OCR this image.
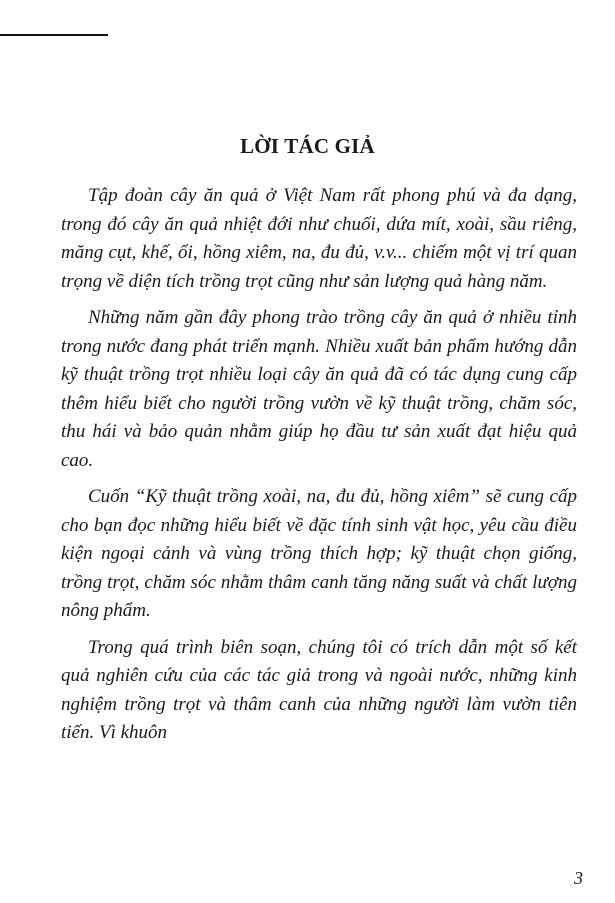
LỜI TÁC GIẢ

Tập đoàn cây ăn quả ở Việt Nam rất phong phú và đa dạng, trong đó cây ăn quả nhiệt đới như chuối, dứa mít, xoài, sầu riêng, măng cụt, khế, ổi, hồng xiêm, na, đu đủ, v.v... chiếm một vị trí quan trọng về diện tích trồng trọt cũng như sản lượng quả hàng năm.

Những năm gần đây phong trào trồng cây ăn quả ở nhiều tỉnh trong nước đang phát triển mạnh. Nhiều xuất bản phẩm hướng dẫn kỹ thuật trồng trọt nhiều loại cây ăn quả đã có tác dụng cung cấp thêm hiểu biết cho người trồng vườn về kỹ thuật trồng, chăm sóc, thu hái và bảo quản nhằm giúp họ đầu tư sản xuất đạt hiệu quả cao.

Cuốn “Kỹ thuật trồng xoài, na, đu đủ, hồng xiêm” sẽ cung cấp cho bạn đọc những hiểu biết về đặc tính sinh vật học, yêu cầu điều kiện ngoại cảnh và vùng trồng thích hợp; kỹ thuật chọn giống, trồng trọt, chăm sóc nhằm thâm canh tăng năng suất và chất lượng nông phẩm.

Trong quá trình biên soạn, chúng tôi có trích dẫn một số kết quả nghiên cứu của các tác giả trong và ngoài nước, những kinh nghiệm trồng trọt và thâm canh của những người làm vườn tiên tiến. Vì khuôn

3
